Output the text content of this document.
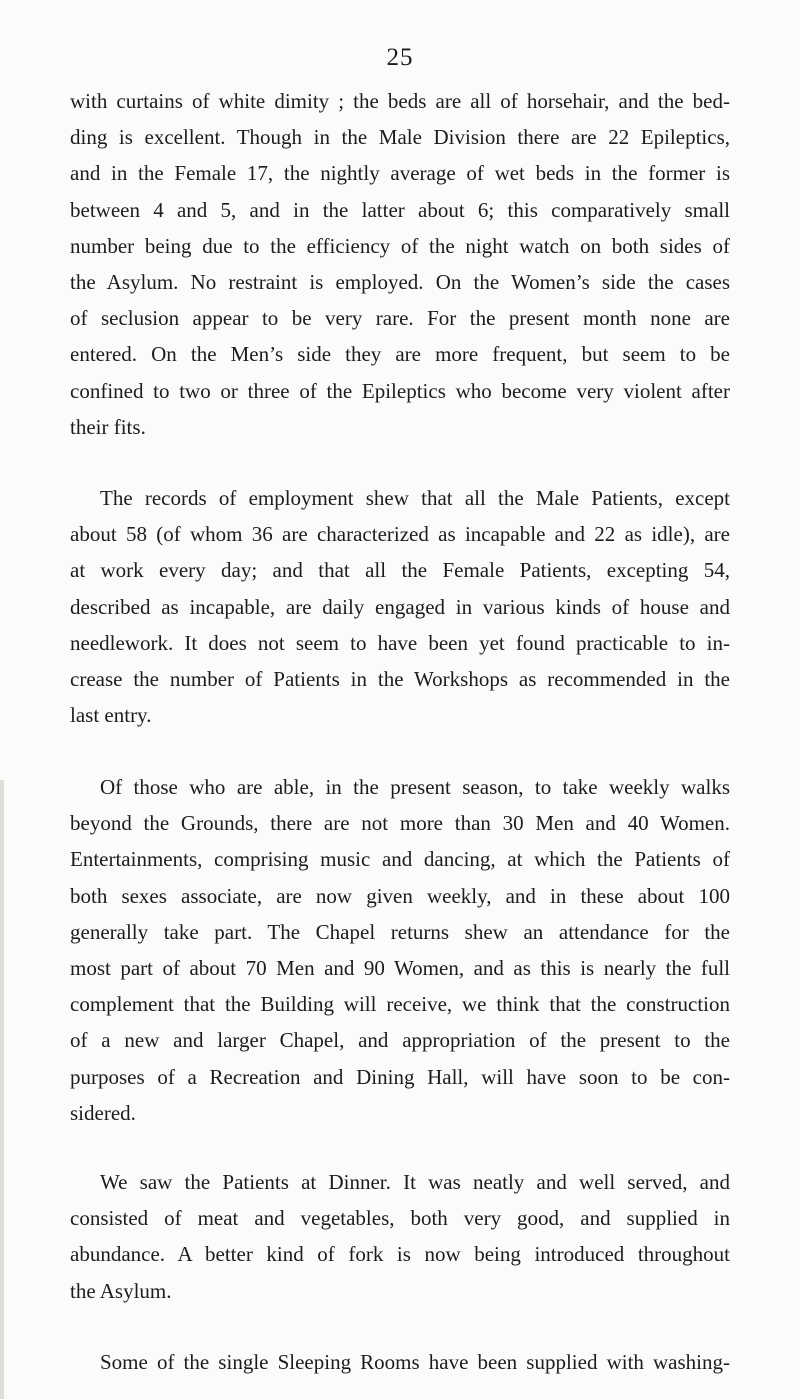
25

with curtains of white dimity ; the beds are all of horsehair, and the bed-
ding is excellent. Though in the Male Division there are 22 Epileptics,
and in the Female 17, the nightly average of wet beds in the former is
between 4 and 5, and in the latter about 6; this comparatively small
number being due to the efficiency of the night watch on both sides of
the Asylum. No restraint is employed. On the Women’s side the cases
of seclusion appear to be very rare. For the present month none are
entered. On the Men’s side they are more frequent, but seem to be
confined to two or three of the Epileptics who become very violent after
their fits.

The records of employment shew that all the Male Patients, except
about 58 (of whom 36 are characterized as incapable and 22 as idle), are
at work every day; and that all the Female Patients, excepting 54,
described as incapable, are daily engaged in various kinds of house and
needlework. It does not seem to have been yet found practicable to in-
crease the number of Patients in the Workshops as recommended in the
last entry.

Of those who are able, in the present season, to take weekly walks
beyond the Grounds, there are not more than 30 Men and 40 Women.
Entertainments, comprising music and dancing, at which the Patients of
both sexes associate, are now given weekly, and in these about 100
generally take part. The Chapel returns shew an attendance for the
most part of about 70 Men and 90 Women, and as this is nearly the full
complement that the Building will receive, we think that the construction
of a new and larger Chapel, and appropriation of the present to the
purposes of a Recreation and Dining Hall, will have soon to be con-
sidered.

We saw the Patients at Dinner. It was neatly and well served, and
consisted of meat and vegetables, both very good, and supplied in
abundance. A better kind of fork is now being introduced throughout
the Asylum.

Some of the single Sleeping Rooms have been supplied with washing-
